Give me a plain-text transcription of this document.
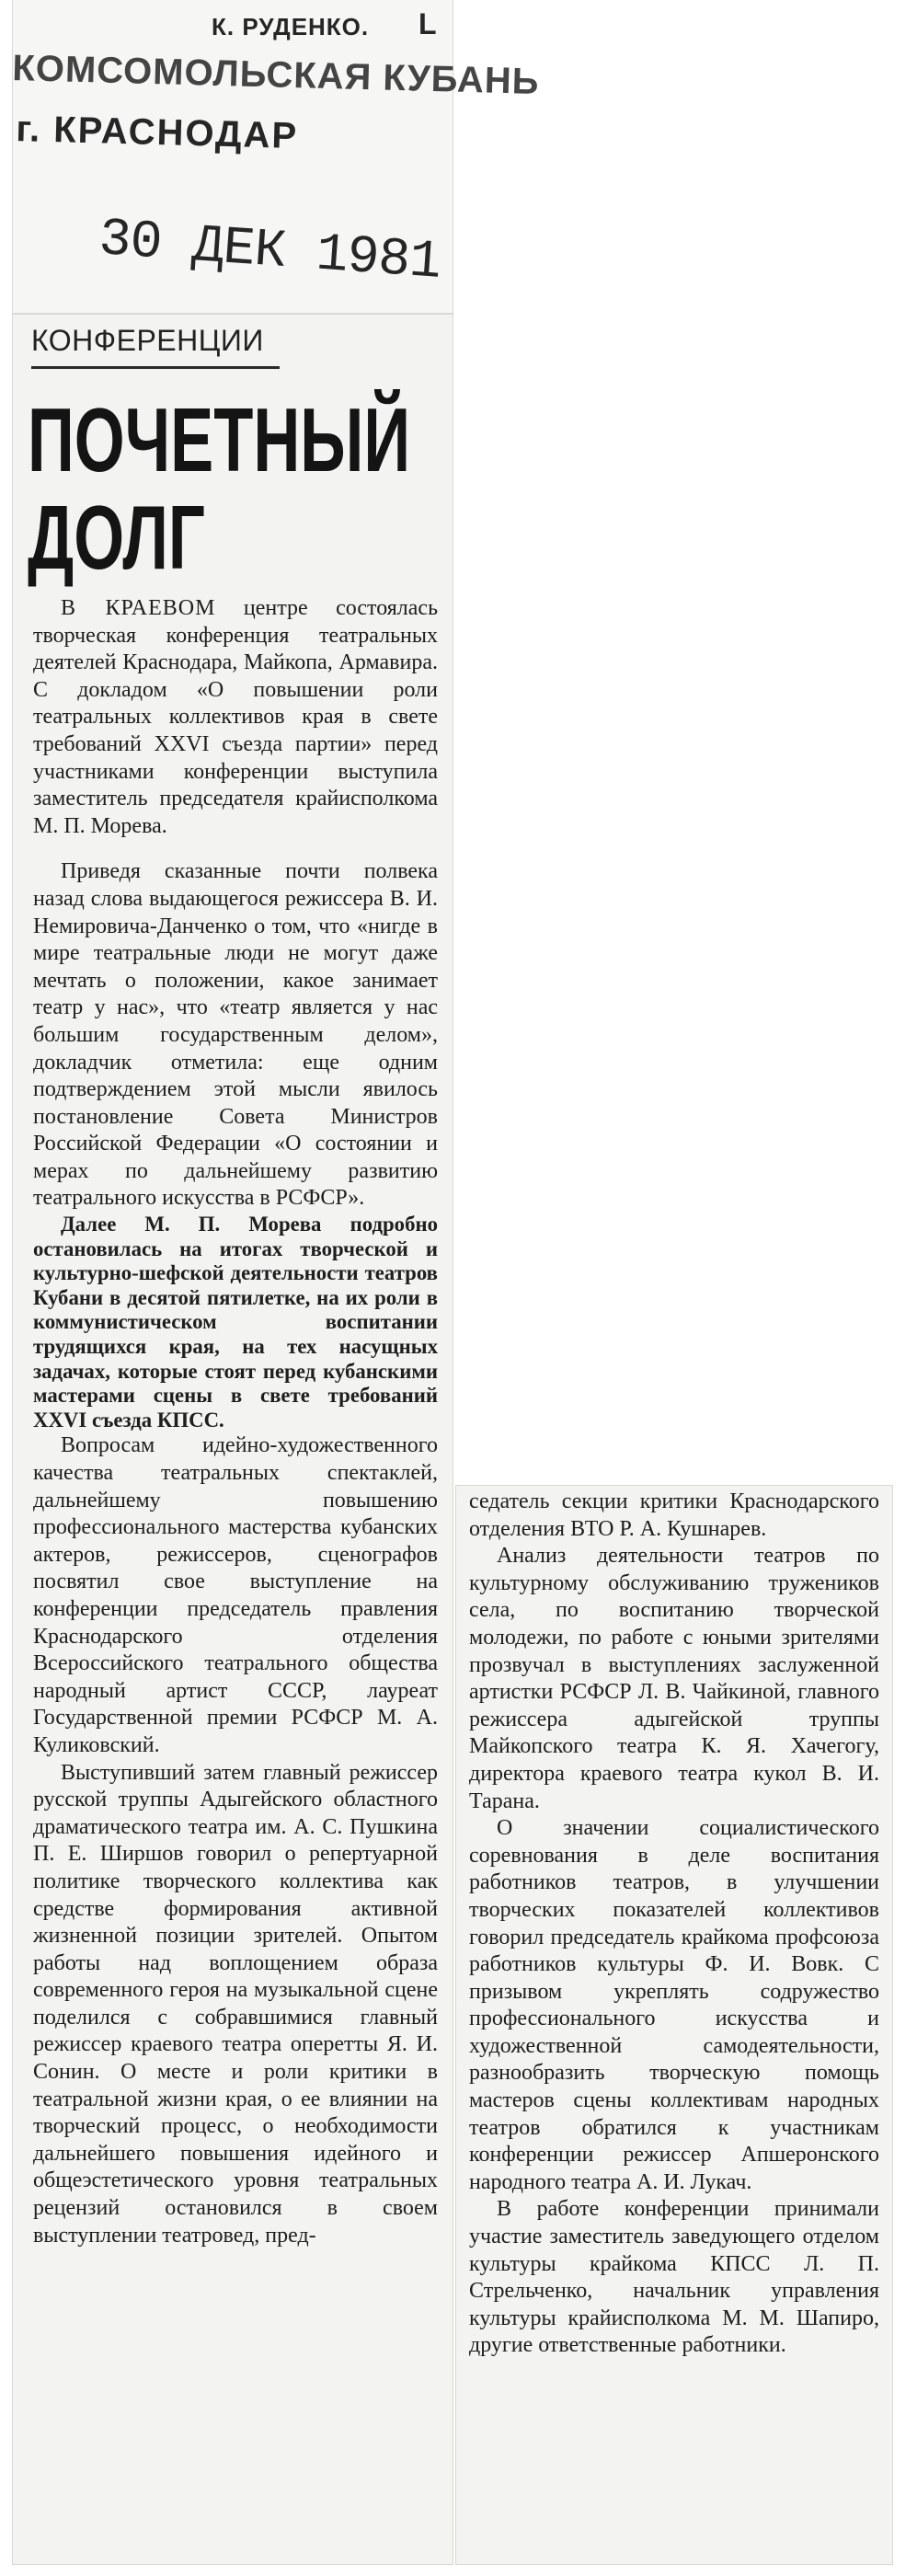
К. РУДЕНКО. L
КОМСОМОЛЬСКАЯ КУБАНЬ
г. КРАСНОДАР
30 ДЕК 1981
КОНФЕРЕНЦИИ
ПОЧЕТНЫЙ
ДОЛГ

В КРАЕВОМ центре состоялась творческая конференция театральных деятелей Краснодара, Майкопа, Армавира. С докладом «О повышении роли театральных коллективов края в свете требований XXVI съезда партии» перед участниками конференции выступила заместитель председателя крайисполкома М. П. Морева.

Приведя сказанные почти полвека назад слова выдающегося режиссера В. И. Немировича-Данченко о том, что «нигде в мире театральные люди не могут даже мечтать о положении, какое занимает театр у нас», что «театр является у нас большим государственным делом», докладчик отметила: еще одним подтверждением этой мысли явилось постановление Совета Министров Российской Федерации «О состоянии и мерах по дальнейшему развитию театрального искусства в РСФСР».

Далее М. П. Морева подробно остановилась на итогах творческой и культурно-шефской деятельности театров Кубани в десятой пятилетке, на их роли в коммунистическом воспитании трудящихся края, на тех насущных задачах, которые стоят перед кубанскими мастерами сцены в свете требований XXVI съезда КПСС.

Вопросам идейно-художественного качества театральных спектаклей, дальнейшему повышению профессионального мастерства кубанских актеров, режиссеров, сценографов посвятил свое выступление на конференции председатель правления Краснодарского отделения Всероссийского театрального общества народный артист СССР, лауреат Государственной премии РСФСР М. А. Куликовский.

Выступивший затем главный режиссер русской труппы Адыгейского областного драматического театра им. А. С. Пушкина П. Е. Ширшов говорил о репертуарной политике творческого коллектива как средстве формирования активной жизненной позиции зрителей. Опытом работы над воплощением образа современного героя на музыкальной сцене поделился с собравшимися главный режиссер краевого театра оперетты Я. И. Сонин. О месте и роли критики в театральной жизни края, о ее влиянии на творческий процесс, о необходимости дальнейшего повышения идейного и общеэстетического уровня театральных рецензий остановился в своем выступлении театровед, пред-

седатель секции критики Краснодарского отделения ВТО Р. А. Кушнарев.

Анализ деятельности театров по культурному обслуживанию тружеников села, по воспитанию творческой молодежи, по работе с юными зрителями прозвучал в выступлениях заслуженной артистки РСФСР Л. В. Чайкиной, главного режиссера адыгейской труппы Майкопского театра К. Я. Хачегогу, директора краевого театра кукол В. И. Тарана.

О значении социалистического соревнования в деле воспитания работников театров, в улучшении творческих показателей коллективов говорил председатель крайкома профсоюза работников культуры Ф. И. Вовк. С призывом укреплять содружество профессионального искусства и художественной самодеятельности, разнообразить творческую помощь мастеров сцены коллективам народных театров обратился к участникам конференции режиссер Апшеронского народного театра А. И. Лукач.

В работе конференции принимали участие заместитель заведующего отделом культуры крайкома КПСС Л. П. Стрельченко, начальник управления культуры крайисполкома М. М. Шапиро, другие ответственные работники.
